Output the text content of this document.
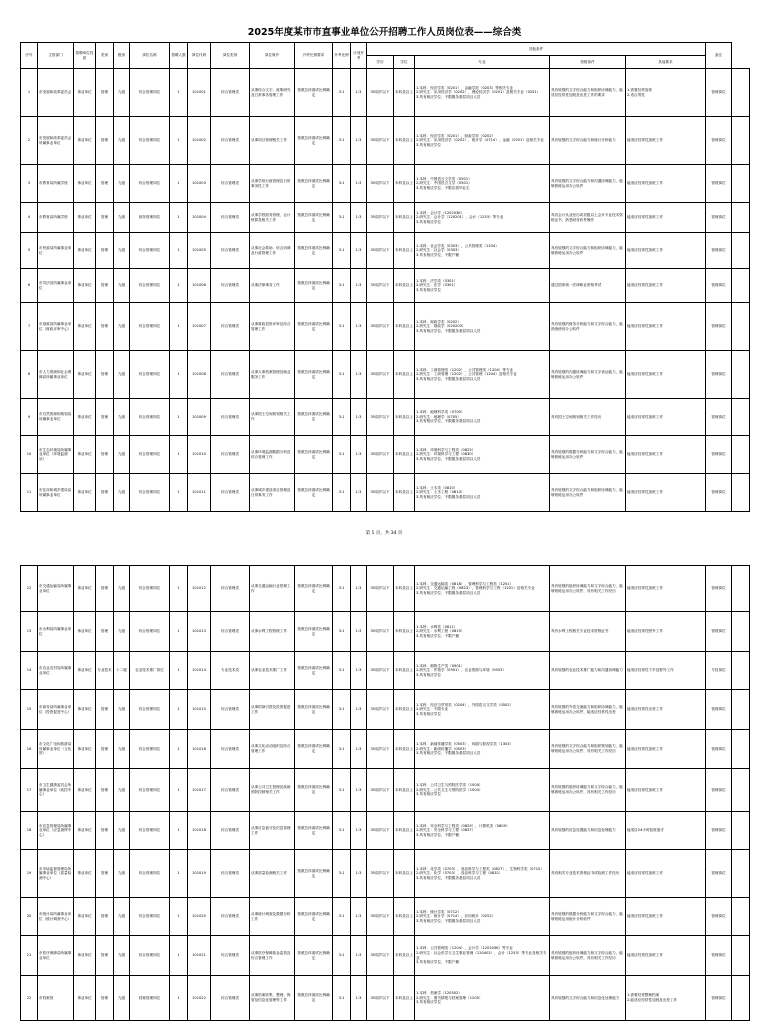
2025年度某市市直事业单位公开招聘工作人员岗位表——综合类
序号	主管部门	招聘单位性质	类别	级别	岗位名称	招聘人数	岗位代码	岗位类别	岗位简介	开考比例要求	开考比例	计划开考	其他条件					备注	
													学历	学位	专业	资格条件	其他要求		
1	市发展和改革委员会	事业单位	管理	九级	综合管理岗位	1	101001	综合管理类	从事综合文字、政策研究及日常事务管理工作	按照总体面试比例确定	3:1	1:3	35周岁以下	本科及以上	1.本科：经济学类（0201），金融学类（0203）等相关专业
2.研究生：应用经济学（0202），理论经济学（0201）及相关专业（0251）
3.具有相应学位，不限服务基层项目人员	具有较强的文字综合能力和组织协调能力，能适应经常性加班及出差工作的要求	1.需要经常加班
2.适合男性	管理岗位	
2	市发展和改革委员会所属事业单位	事业单位	管理	九级	综合管理岗位	1	101002	综合管理类	从事项目管理相关工作	按照总体面试比例确定	3:1	1:3	35周岁以下	本科及以上	1.本科：经济学类（0201），财政学类（0202）
2.研究生：应用经济学（0202），统计学（0714），金融（0251）及相关专业
3.具有相应学位	具有较强的文字综合能力和统计分析能力	能适应经常性加班工作	管理岗位	
3	市教育局所属学校	事业单位	管理	九级	综合管理岗位	1	101003	综合管理类	从事学校行政管理及日常事务性工作	按照总体面试比例确定	3:1	1:3	35周岁以下	本科及以上	1.本科：中国语言文学类（0501）
2.研究生：中国语言文学（0501）
3.具有相应学位，不限应届毕业生	具有较强的文字综合能力和沟通协调能力，能够熟练运用办公软件	能适应经常性加班工作	管理岗位	
4	市教育局所属学校	事业单位	管理	九级	财务管理岗位	1	101004	综合管理类	从事学校财务管理、会计核算及相关工作	按照总体面试比例确定	3:1	1:3	35周岁以下	本科及以上	1.本科：会计学（120203K）
2.研究生：会计学（120201），会计（1253）等专业
3.具有相应学位	具有会计从业经历或初级以上会计专业技术资格证书，熟悉财务软件操作	能适应经常性加班工作	管理岗位	
5	市民政局所属事业单位	事业单位	管理	九级	综合管理岗位	1	101005	综合管理类	从事社会救助、综合协调及行政管理工作	按照总体面试比例确定	3:1	1:3	35周岁以下	本科及以上	1.本科：社会学类（0303），公共管理类（1204）
2.研究生：社会学（0303）
3.具有相应学位，不限户籍	具有较强的文字综合能力和组织协调能力，能够熟练运用办公软件	能适应经常性加班工作	管理岗位	
6	市司法局所属事业单位	事业单位	管理	九级	综合管理岗位	1	101006	综合管理类	从事法律事务工作	按照总体面试比例确定	3:1	1:3	35周岁以下	本科及以上	1.本科：法学类（0301）
2.研究生：法学（0301）
3.具有相应学位	通过国家统一法律职业资格考试	能适应经常性加班工作	管理岗位	
7	市财政局所属事业单位（财政评审中心）	事业单位	管理	九级	综合管理岗位	1	101007	综合管理类	从事财政投资评审及综合管理工作	按照总体面试比例确定	3:1	1:3	35周岁以下	本科及以上	1.本科：财政学类（0202）
2.研究生：财政学（020203）
3.具有相应学位，不限服务基层项目人员	具有较强的财务分析能力和文字综合能力，能熟练使用办公软件	能适应经常性加班工作	管理岗位	
8	市人力资源和社会保障局所属事业单位	事业单位	管理	九级	综合管理岗位	1	101008	综合管理类	从事人事档案管理及就业服务工作	按照总体面试比例确定	3:1	1:3	35周岁以下	本科及以上	1.本科：工商管理类（1202），公共管理类（1204）等专业
2.研究生：工商管理（1202），公共管理（1204）及相关专业
3.具有相应学位，不限服务基层项目人员	具有较强的沟通协调能力和文字表达能力，能够熟练运用办公软件	能适应经常性加班工作	管理岗位	
9	市自然资源和规划局所属事业单位	事业单位	管理	九级	综合管理岗位	1	101009	综合管理类	从事国土空间规划相关工作	按照总体面试比例确定	3:1	1:3	35周岁以下	本科及以上	1.本科：地理科学类（0705）
2.研究生：地理学（0705）
3.具有相应学位，不限服务基层项目人员	具有国土空间规划相关工作经历	能适应经常性加班工作	管理岗位	
10	市生态环境局所属事业单位（环境监测站）	事业单位	管理	九级	综合管理岗位	1	101010	综合管理类	从事环境监测数据分析及综合管理工作	按照总体面试比例确定	3:1	1:3	35周岁以下	本科及以上	1.本科：环境科学与工程类（0825）
2.研究生：环境科学与工程（0830）
3.具有相应学位，不限服务基层项目人员	具有较强的数据分析能力和文字综合能力，能够熟练运用办公软件	能适应经常性加班工作	管理岗位	
11	市住房和城乡建设局所属事业单位	事业单位	管理	九级	综合管理岗位	1	101011	综合管理类	从事城乡建设项目管理及日常事务工作	按照总体面试比例确定	3:1	1:3	35周岁以下	本科及以上	1.本科：土木类（0810）
2.研究生：土木工程（0814）
3.具有相应学位，不限服务基层项目人员	具有较强的文字综合能力和组织协调能力，能够熟练运用办公软件	能适应经常性加班工作	管理岗位	
第 1 页，共 34 页
12	市交通运输局所属事业单位	事业单位	管理	九级	综合管理岗位	1	101012	综合管理类	从事交通运输行业管理工作	按照总体面试比例确定	3:1	1:3	35周岁以下	本科及以上	1.本科：交通运输类（0818），管理科学与工程类（1201）
2.研究生：交通运输工程（0823），管理科学与工程（1201）及相关专业
3.具有相应学位，不限服务基层项目人员	具有较强的组织协调能力和文字综合能力，能够熟练运用办公软件，具有相关工作经历	能适应经常性加班工作	管理岗位	
13	市水利局所属事业单位	事业单位	管理	九级	综合管理岗位	1	101013	综合管理类	从事水利工程管理工作	按照总体面试比例确定	3:1	1:3	35周岁以下	本科及以上	1.本科：水利类（0811）
2.研究生：水利工程（0815）
3.具有相应学位，不限户籍	具有水利工程相关专业技术资格证书	能适应经常性野外工作	管理岗位	
14	市农业农村局所属事业单位	事业单位	专业技术	十二级	农业技术推广岗位	1	101014	专业技术类	从事农业技术推广工作	按照总体面试比例确定	3:1	1:3	35周岁以下	本科及以上	1.本科：植物生产类（0901）
2.研究生：作物学（0901），农业资源与环境（0903）
3.具有相应学位	具有较强的农业技术推广能力和沟通协调能力	能适应经常性下乡及野外工作	专技岗位	
15	市商务局所属事业单位（投资促进中心）	事业单位	管理	九级	综合管理岗位	1	101015	综合管理类	从事招商引资及投资促进工作	按照总体面试比例确定	3:1	1:3	35周岁以下	本科及以上	1.本科：经济与贸易类（0204），外国语言文学类（0502）
2.研究生：不限专业
3.具有相应学位	具有较强的外语交流能力和组织协调能力，能够熟练运用办公软件，能适应经常性出差	能适应经常性出差工作	管理岗位	
16	市文化广电和旅游局所属事业单位（文化馆）	事业单位	管理	九级	综合管理岗位	1	101016	综合管理类	从事文化活动组织及综合管理工作	按照总体面试比例确定	3:1	1:3	35周岁以下	本科及以上	1.本科：新闻传播学类（0503），戏剧与影视学类（1303）
2.研究生：新闻传播学（0503）
3.具有相应学位，不限服务基层项目人员	具有较强的文字综合能力和组织策划能力，能够熟练运用办公软件，具有相关工作经历	能适应经常性加班工作	管理岗位	
17	市卫生健康委员会所属事业单位（疾控中心）	事业单位	管理	九级	综合管理岗位	1	101017	综合管理类	从事公共卫生管理及疾病预防控制相关工作	按照总体面试比例确定	3:1	1:3	35周岁以下	本科及以上	1.本科：公共卫生与预防医学类（1004）
2.研究生：公共卫生与预防医学（1004）
3.具有相应学位	具有较强的组织协调能力和文字综合能力，能够熟练运用办公软件，具有相关工作经历	能适应经常性加班工作	管理岗位	
18	市应急管理局所属事业单位（应急指挥中心）	事业单位	管理	九级	综合管理岗位	1	101018	综合管理类	从事应急值守及信息管理工作	按照总体面试比例确定	3:1	1:3	35周岁以下	本科及以上	1.本科：安全科学与工程类（0829），计算机类（0809）
2.研究生：安全科学与工程（0837）
3.具有相应学位，不限户籍	具有较强的应急处置能力和信息处理能力	能适应24小时轮班值守	管理岗位	
19	市市场监督管理局所属事业单位（质量检测中心）	事业单位	管理	九级	综合管理岗位	1	101019	综合管理类	从事质量检测相关工作	按照总体面试比例确定	3:1	1:3	35周岁以下	本科及以上	1.本科：化学类（0703），食品科学与工程类（0827），生物科学类（0710）
2.研究生：化学（0703），食品科学与工程（0832）
3.具有相应学位，不限服务基层项目人员	具有相关专业技术资格证书或检测工作经历	能适应经常性加班工作	管理岗位	
20	市统计局所属事业单位（统计调查中心）	事业单位	管理	九级	综合管理岗位	1	101020	综合管理类	从事统计调查及数据分析工作	按照总体面试比例确定	3:1	1:3	35周岁以下	本科及以上	1.本科：统计学类（0712）
2.研究生：统计学（0714），应用统计（0252）
3.具有相应学位，不限服务基层项目人员	具有较强的数据分析能力和文字综合能力，能够熟练运用统计分析软件	能适应经常性加班工作	管理岗位	
21	市医疗保障局所属事业单位	事业单位	管理	九级	综合管理岗位	1	101021	综合管理类	从事医疗保障基金监管及综合管理工作	按照总体面试比例确定	3:1	1:3	35周岁以下	本科及以上	1.本科：公共管理类（1204），会计学（120203K）等专业
2.研究生：社会医学与卫生事业管理（120402），会计（1253）等专业及相关专业
3.具有相应学位，不限户籍	具有较强的组织协调能力和文字综合能力，能够熟练运用办公软件，具有相关工作经历	能适应经常性加班工作	管理岗位	
22	市档案馆	事业单位	管理	九级	档案管理岗位	1	101022	综合管理类	从事档案收集、整理、保管及信息化管理等工作	按照总体面试比例确定	3:1	1:3	35周岁以下	本科及以上	1.本科：档案学（120502）
2.研究生：图书情报与档案管理（1205）
3.具有相应学位	具有较强的文字综合能力和信息化处理能力	1.需要经常整理档案
2.能适应经常性加班及出差工作	管理岗位	
